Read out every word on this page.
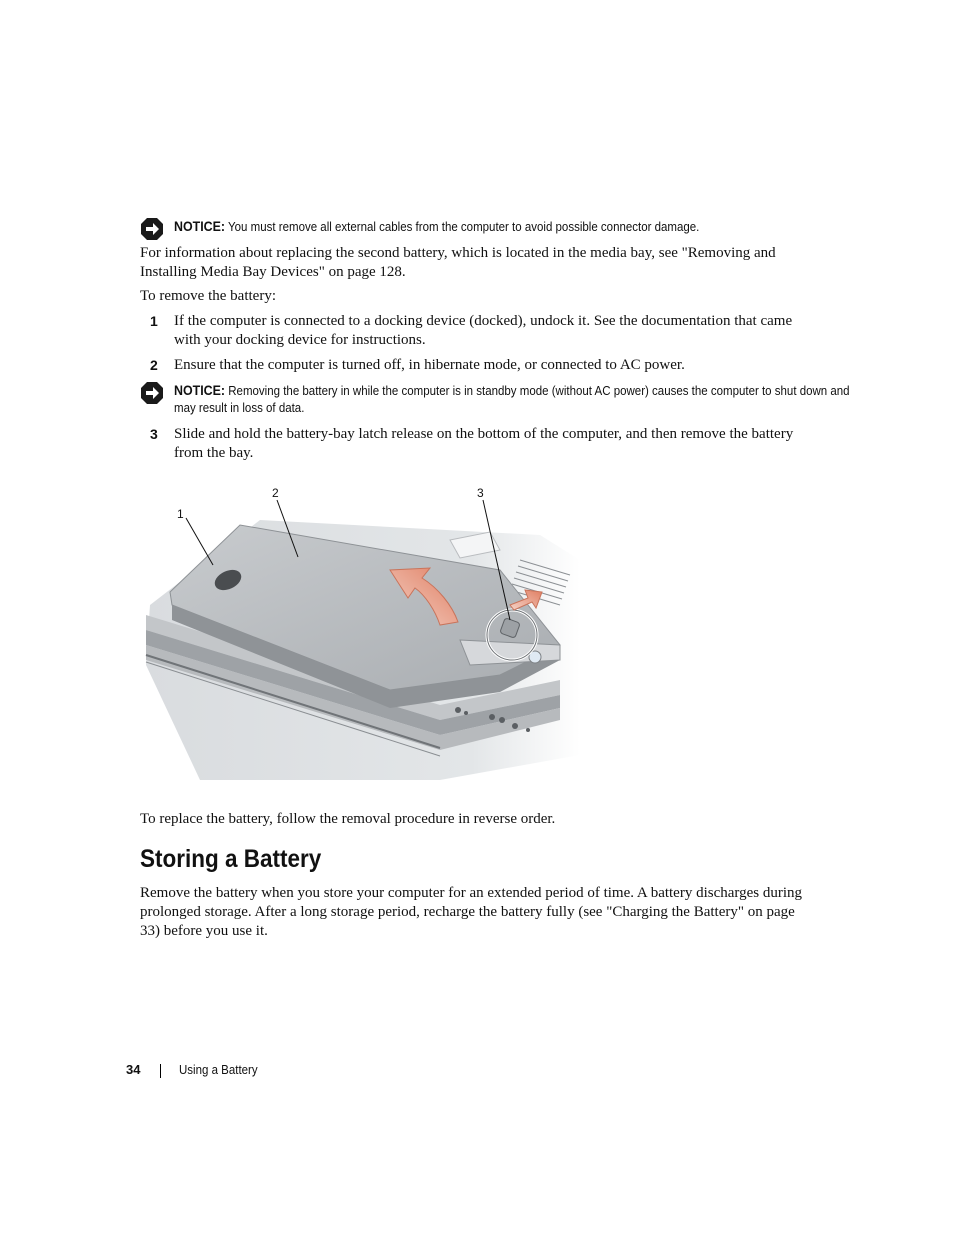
NOTICE: You must remove all external cables from the computer to avoid possible connector damage.
For information about replacing the second battery, which is located in the media bay, see "Removing and Installing Media Bay Devices" on page 128.
To remove the battery:
1 If the computer is connected to a docking device (docked), undock it. See the documentation that came with your docking device for instructions.
2 Ensure that the computer is turned off, in hibernate mode, or connected to AC power.
NOTICE: Removing the battery in while the computer is in standby mode (without AC power) causes the computer to shut down and may result in loss of data.
3 Slide and hold the battery-bay latch release on the bottom of the computer, and then remove the battery from the bay.
1
2	3
To replace the battery, follow the removal procedure in reverse order.
Storing a Battery
Remove the battery when you store your computer for an extended period of time. A battery discharges during prolonged storage. After a long storage period, recharge the battery fully (see "Charging the Battery" on page 33) before you use it.
34	Using a Battery
